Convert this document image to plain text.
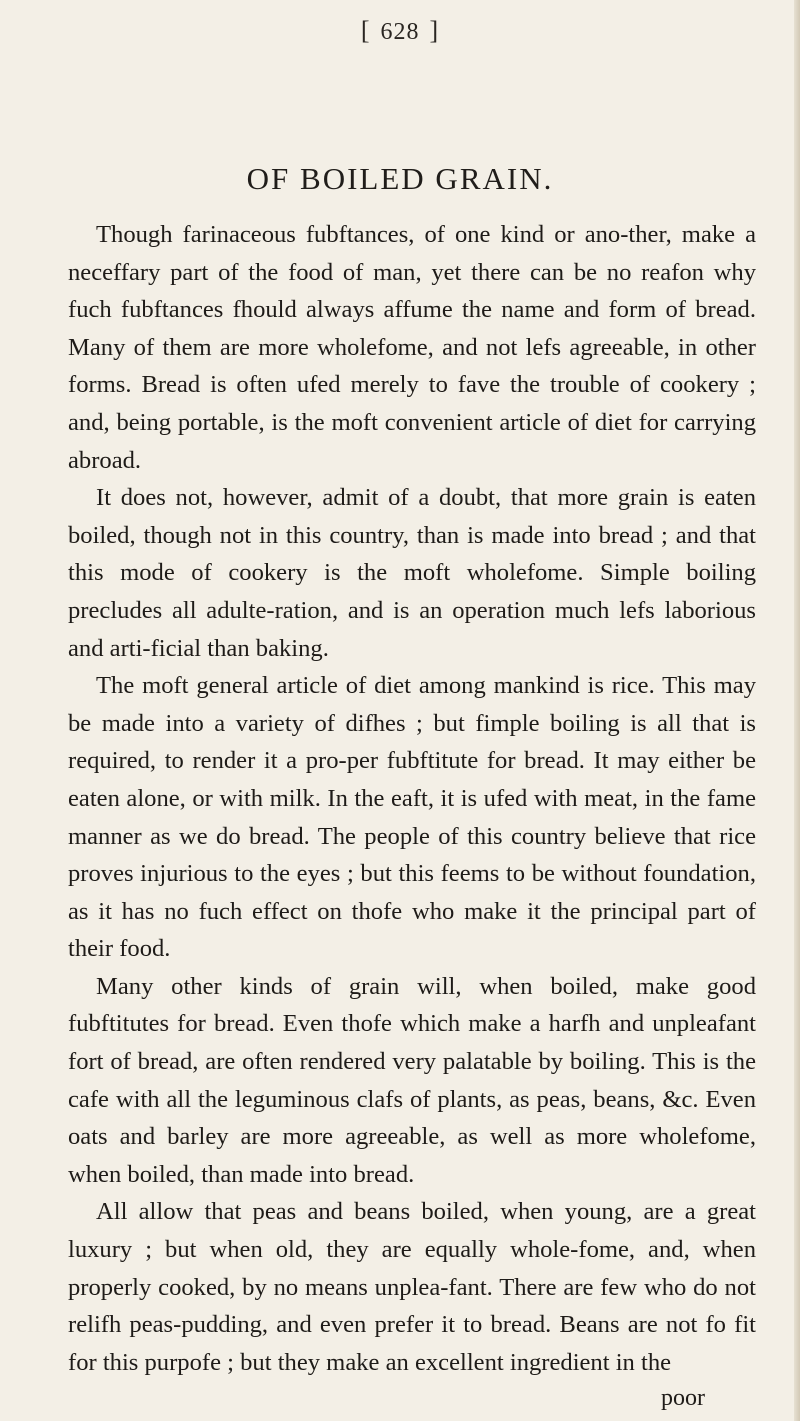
[ 628 ]
OF BOILED GRAIN.

Though farinaceous fubftances, of one kind or ano-ther, make a neceffary part of the food of man, yet there can be no reafon why fuch fubftances fhould always affume the name and form of bread. Many of them are more wholefome, and not lefs agreeable, in other forms. Bread is often ufed merely to fave the trouble of cookery ; and, being portable, is the moft convenient article of diet for carrying abroad.

It does not, however, admit of a doubt, that more grain is eaten boiled, though not in this country, than is made into bread ; and that this mode of cookery is the moft wholefome. Simple boiling precludes all adulte-ration, and is an operation much lefs laborious and arti-ficial than baking.

The moft general article of diet among mankind is rice. This may be made into a variety of difhes ; but fimple boiling is all that is required, to render it a pro-per fubftitute for bread. It may either be eaten alone, or with milk. In the eaft, it is ufed with meat, in the fame manner as we do bread. The people of this country believe that rice proves injurious to the eyes ; but this feems to be without foundation, as it has no fuch effect on thofe who make it the principal part of their food.

Many other kinds of grain will, when boiled, make good fubftitutes for bread. Even thofe which make a harfh and unpleafant fort of bread, are often rendered very palatable by boiling. This is the cafe with all the leguminous clafs of plants, as peas, beans, &c. Even oats and barley are more agreeable, as well as more wholefome, when boiled, than made into bread.

All allow that peas and beans boiled, when young, are a great luxury ; but when old, they are equally whole-fome, and, when properly cooked, by no means unplea-fant. There are few who do not relifh peas-pudding, and even prefer it to bread. Beans are not fo fit for this purpofe ; but they make an excellent ingredient in the

poor
